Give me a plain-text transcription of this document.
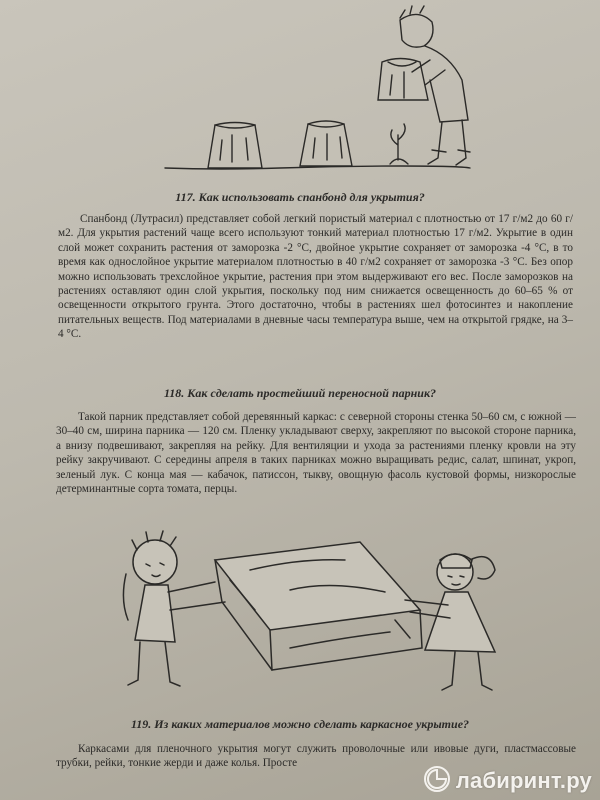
117. Как использовать спанбонд для укрытия?

Спанбонд (Лутрасил) представляет собой легкий пористый материал с плотностью от 17 г/м2 до 60 г/м2. Для укрытия растений чаще всего используют тонкий материал плотностью 17 г/м2. Укрытие в один слой может сохранить растения от заморозка -2 °С, двойное укрытие сохраняет от заморозка -4 °С, в то время как однослойное укрытие материалом плотностью в 40 г/м2 сохраняет от заморозка -3 °С. Без опор можно использовать трехслойное укрытие, растения при этом выдерживают его вес. После заморозков на растениях оставляют один слой укрытия, поскольку под ним снижается освещенность до 60–65 % от освещенности открытого грунта. Этого достаточно, чтобы в растениях шел фотосинтез и накопление питательных веществ. Под материалами в дневные часы температура выше, чем на открытой грядке, на 3–4 °С.

118. Как сделать простейший переносной парник?

Такой парник представляет собой деревянный каркас: с северной стороны стенка 50–60 см, с южной — 30–40 см, ширина парника — 120 см. Пленку укладывают сверху, закрепляют по высокой стороне парника, а внизу подвешивают, закрепляя на рейку. Для вентиляции и ухода за растениями пленку кровли на эту рейку закручивают. С середины апреля в таких парниках можно выращивать редис, салат, шпинат, укроп, зеленый лук. С конца мая — кабачок, патиссон, тыкву, овощную фасоль кустовой формы, низкорослые детерминантные сорта томата, перцы.

119. Из каких материалов можно сделать каркасное укрытие?

Каркасами для пленочного укрытия могут служить проволочные или ивовые дуги, пластмассовые трубки, рейки, тонкие жерди и даже колья. Просте

лабиринт.ру
